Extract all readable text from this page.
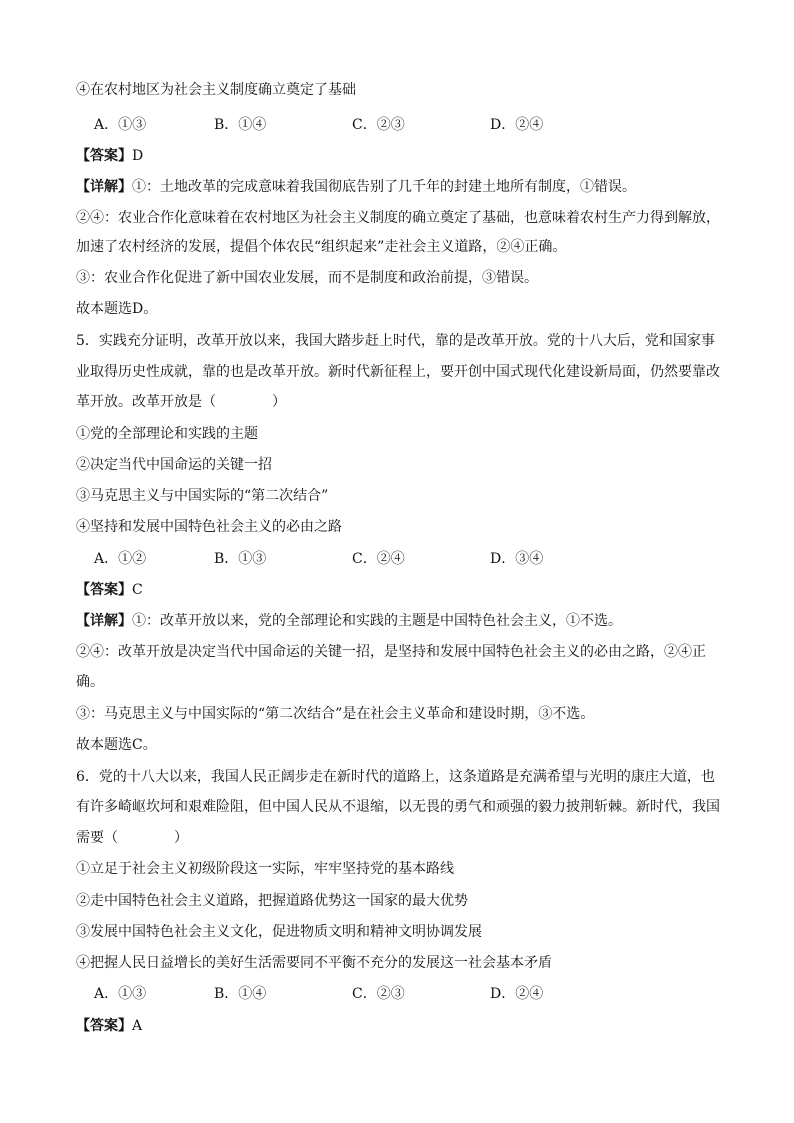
④在农村地区为社会主义制度确立奠定了基础
A．①③	B．①④	C．②③	D．②④
【答案】D
【详解】①：土地改革的完成意味着我国彻底告别了几千年的封建土地所有制度，①错误。
②④：农业合作化意味着在农村地区为社会主义制度的确立奠定了基础，也意味着农村生产力得到解放，
加速了农村经济的发展，提倡个体农民“组织起来”走社会主义道路，②④正确。
③：农业合作化促进了新中国农业发展，而不是制度和政治前提，③错误。
故本题选D。
5．实践充分证明，改革开放以来，我国大踏步赶上时代，靠的是改革开放。党的十八大后，党和国家事
业取得历史性成就，靠的也是改革开放。新时代新征程上，要开创中国式现代化建设新局面，仍然要靠改
革开放。改革开放是（　　　　）
①党的全部理论和实践的主题
②决定当代中国命运的关键一招
③马克思主义与中国实际的“第二次结合”
④坚持和发展中国特色社会主义的必由之路
A．①②	B．①③	C．②④	D．③④
【答案】C
【详解】①：改革开放以来，党的全部理论和实践的主题是中国特色社会主义，①不选。
②④：改革开放是决定当代中国命运的关键一招，是坚持和发展中国特色社会主义的必由之路，②④正
确。
③：马克思主义与中国实际的“第二次结合”是在社会主义革命和建设时期，③不选。
故本题选C。
6．党的十八大以来，我国人民正阔步走在新时代的道路上，这条道路是充满希望与光明的康庄大道，也
有许多崎岖坎坷和艰难险阻，但中国人民从不退缩，以无畏的勇气和顽强的毅力披荆斩棘。新时代，我国
需要（　　　　）
①立足于社会主义初级阶段这一实际，牢牢坚持党的基本路线
②走中国特色社会主义道路，把握道路优势这一国家的最大优势
③发展中国特色社会主义文化，促进物质文明和精神文明协调发展
④把握人民日益增长的美好生活需要同不平衡不充分的发展这一社会基本矛盾
A．①③	B．①④	C．②③	D．②④
【答案】A
